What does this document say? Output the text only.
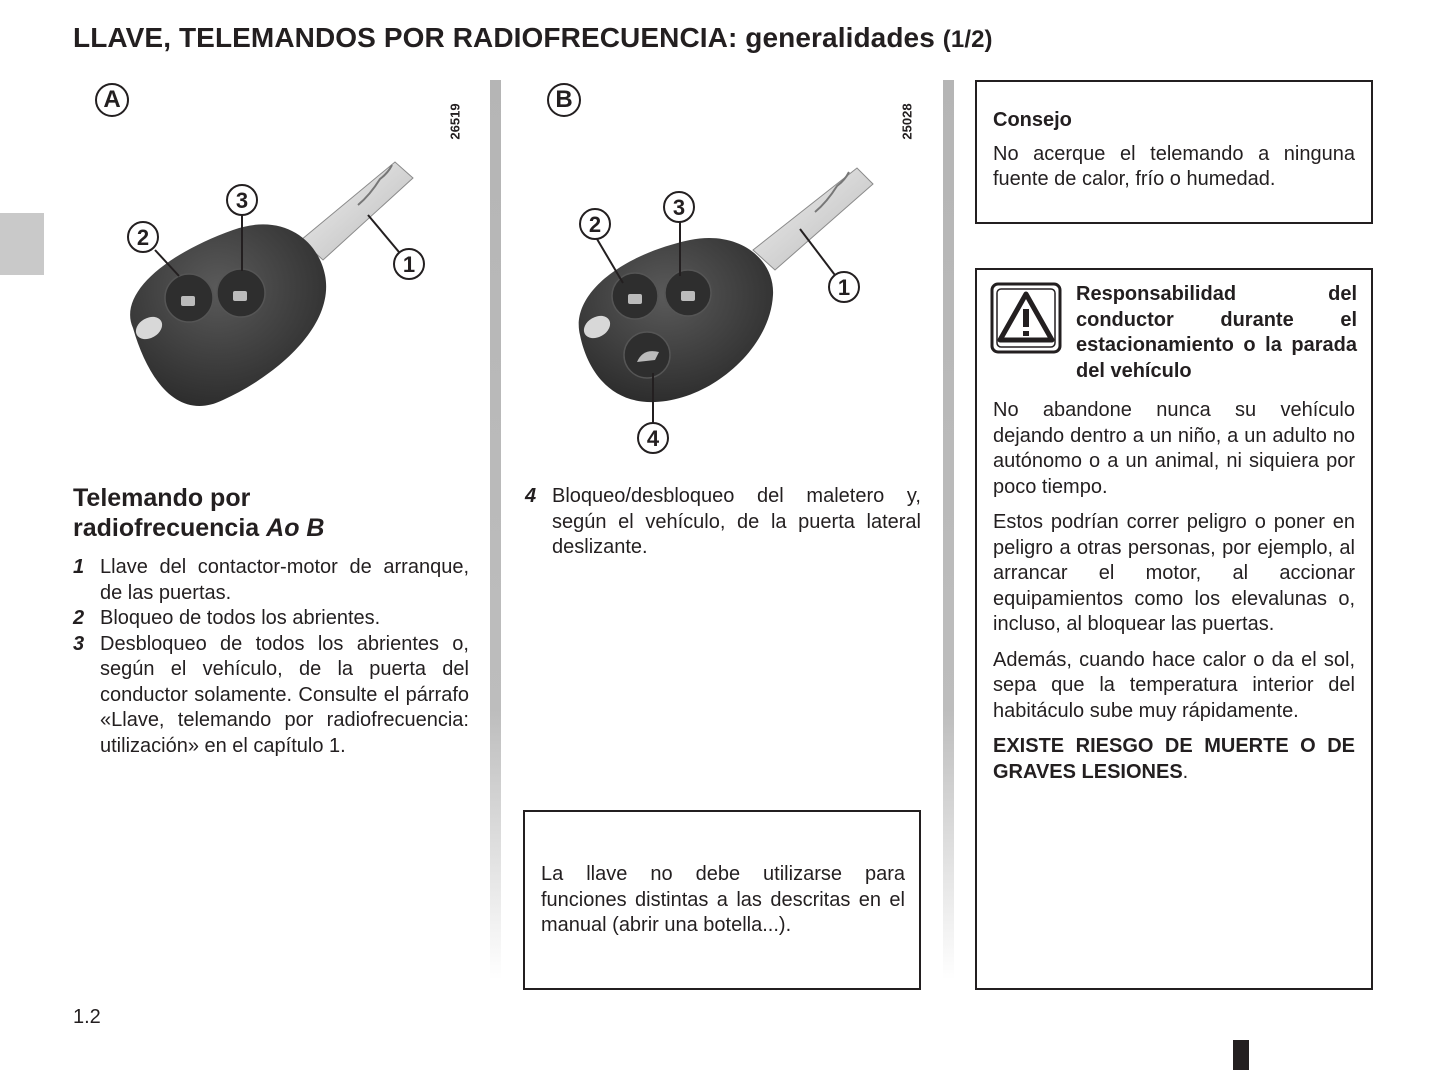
LLAVE, TELEMANDOS POR RADIOFRECUENCIA: generalidades (1/2)
A
26519
1
2
3
B
25028
1
2
3
4
Telemando por
radiofrecuencia Ao B
1 Llave del contactor-motor de arranque, de las puertas.
2 Bloqueo de todos los abrientes.
3 Desbloqueo de todos los abrientes o, según el vehículo, de la puerta del conductor solamente. Consulte el párrafo «Llave, telemando por radiofrecuencia: utilización» en el capítulo 1.
4 Bloqueo/desbloqueo del maletero y, según el vehículo, de la puerta lateral deslizante.

La llave no debe utilizarse para funciones distintas a las descritas en el manual (abrir una botella...).

Consejo

No acerque el telemando a ninguna fuente de calor, frío o humedad.

Responsabilidad del conductor durante el estacionamiento o la parada del vehículo

No abandone nunca su vehículo dejando dentro a un niño, a un adulto no autónomo o a un animal, ni siquiera por poco tiempo.

Estos podrían correr peligro o poner en peligro a otras personas, por ejemplo, al arrancar el motor, al accionar equipamientos como los elevalunas o, incluso, al bloquear las puertas.

Además, cuando hace calor o da el sol, sepa que la temperatura interior del habitáculo sube muy rápidamente.

EXISTE RIESGO DE MUERTE O DE GRAVES LESIONES.

1.2
